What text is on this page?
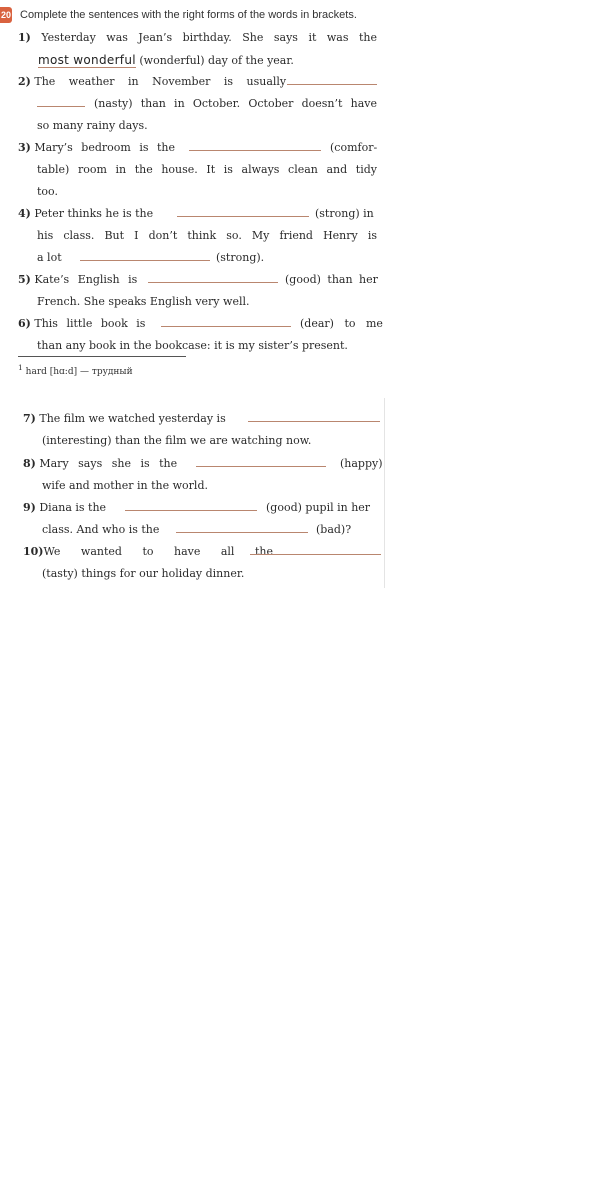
20 Complete the sentences with the right forms of the words in brackets.
1) Yesterday was Jean’s birthday. She says it was the
most wonderful (wonderful) day of the year.
2) The weather in November is usually
(nasty) than in October. October doesn’t have
so many rainy days.
3) Mary’s bedroom is the	(comfor-
table) room in the house. It is always clean and tidy
too.
4) Peter thinks he is the	(strong) in
his class. But I don’t think so. My friend Henry is
a lot	(strong).
5) Kate’s English is	(good) than her
French. She speaks English very well.
6) This little book is	(dear) to me
than any book in the bookcase: it is my sister’s present.
$^1$ hard [hɑ:d] — трудный
7) The film we watched yesterday is
(interesting) than the film we are watching now.
8) Mary says she is the	(happy)
wife and mother in the world.
9) Diana is the	(good) pupil in her
class. And who is the	(bad)?
10)We wanted to have all the
(tasty) things for our holiday dinner.
